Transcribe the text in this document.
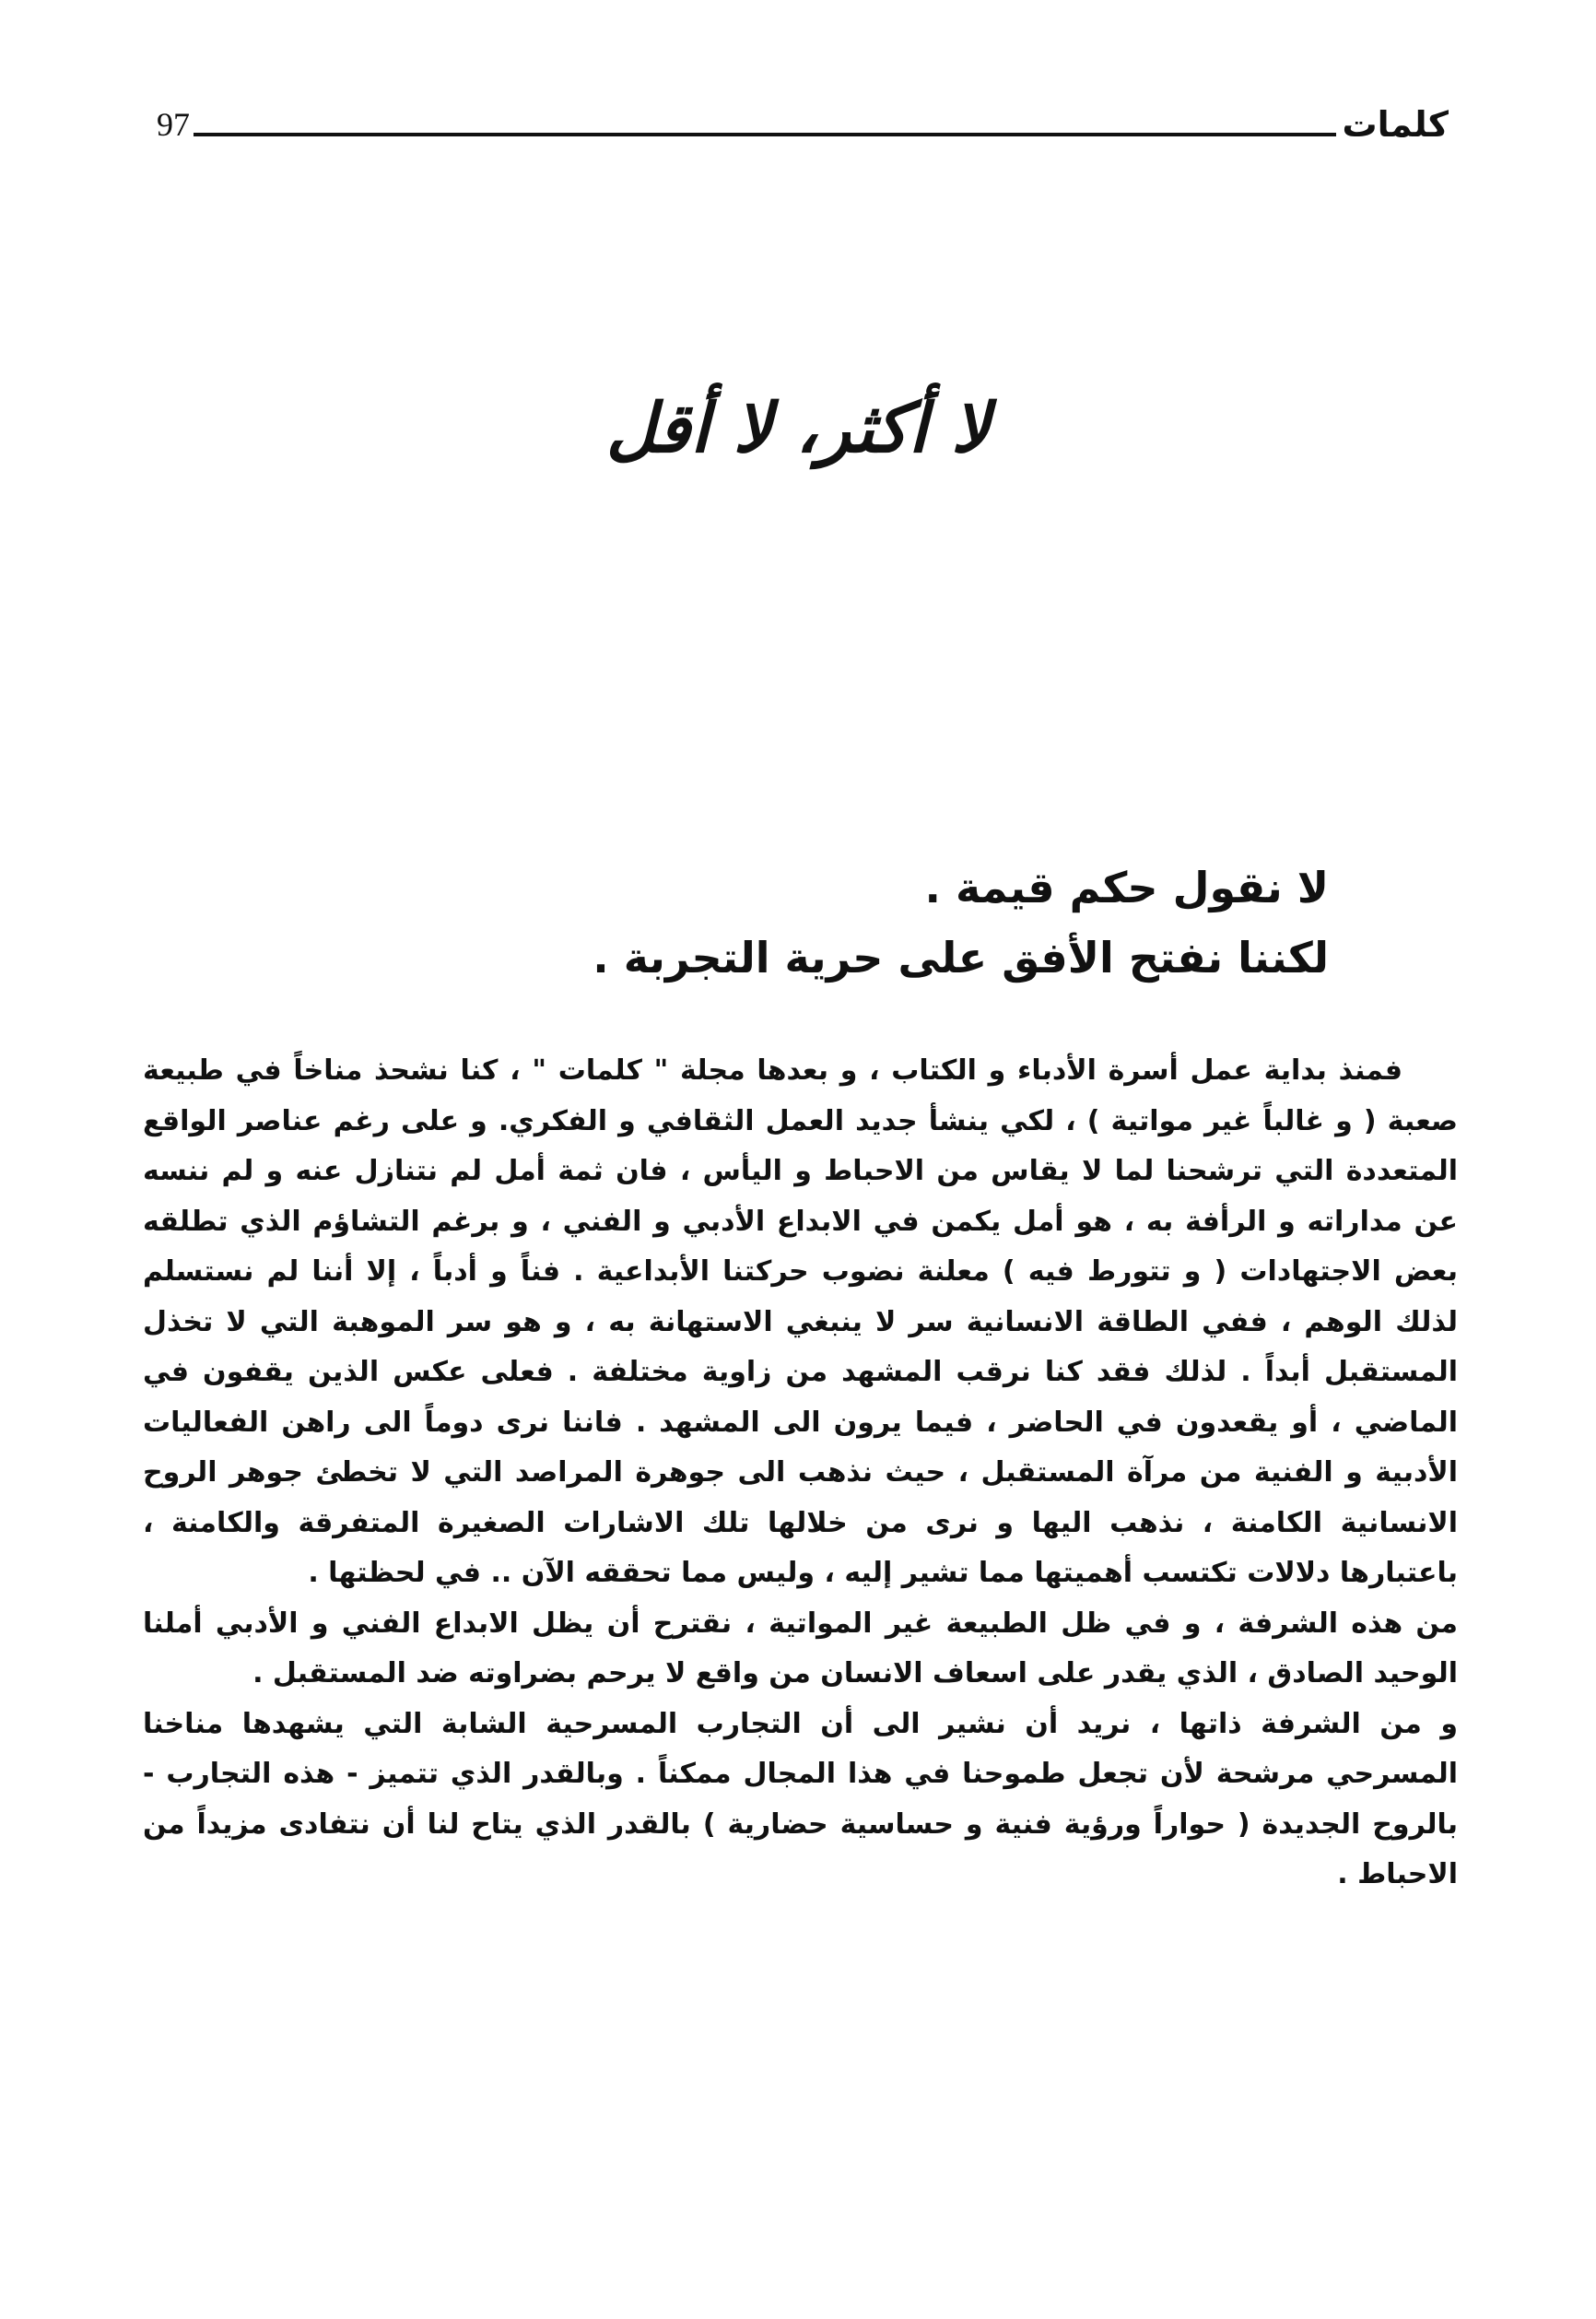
كلمات
97
لا أكثر، لا أقل
لا نقول حكم قيمة .
لكننا نفتح الأفق على حرية التجربة .

فمنذ بداية عمل أسرة الأدباء و الكتاب ، و بعدها مجلة " كلمات " ، كنا نشحذ مناخاً في طبيعة صعبة ( و غالباً غير مواتية ) ، لكي ينشأ جديد العمل الثقافي و الفكري. و على رغم عناصر الواقع المتعددة التي ترشحنا لما لا يقاس من الاحباط و اليأس ، فان ثمة أمل لم نتنازل عنه و لم ننسه عن مداراته و الرأفة به ، هو أمل يكمن في الابداع الأدبي و الفني ، و برغم التشاؤم الذي تطلقه بعض الاجتهادات ( و تتورط فيه ) معلنة نضوب حركتنا الأبداعية . فناً و أدباً ، إلا أننا لم نستسلم لذلك الوهم ، ففي الطاقة الانسانية سر لا ينبغي الاستهانة به ، و هو سر الموهبة التي لا تخذل المستقبل أبداً . لذلك فقد كنا نرقب المشهد من زاوية مختلفة . فعلى عكس الذين يقفون في الماضي ، أو يقعدون في الحاضر ، فيما يرون الى المشهد . فاننا نرى دوماً الى راهن الفعاليات الأدبية و الفنية من مرآة المستقبل ، حيث نذهب الى جوهرة المراصد التي لا تخطئ جوهر الروح الانسانية الكامنة ، نذهب اليها و نرى من خلالها تلك الاشارات الصغيرة المتفرقة والكامنة ، باعتبارها دلالات تكتسب أهميتها مما تشير إليه ، وليس مما تحققه الآن .. في لحظتها .

من هذه الشرفة ، و في ظل الطبيعة غير المواتية ، نقترح أن يظل الابداع الفني و الأدبي أملنا الوحيد الصادق ، الذي يقدر على اسعاف الانسان من واقع لا يرحم بضراوته ضد المستقبل .

و من الشرفة ذاتها ، نريد أن نشير الى أن التجارب المسرحية الشابة التي يشهدها مناخنا المسرحي مرشحة لأن تجعل طموحنا في هذا المجال ممكناً . وبالقدر الذي تتميز - هذه التجارب - بالروح الجديدة ( حواراً ورؤية فنية و حساسية حضارية ) بالقدر الذي يتاح لنا أن نتفادى مزيداً من الاحباط .
